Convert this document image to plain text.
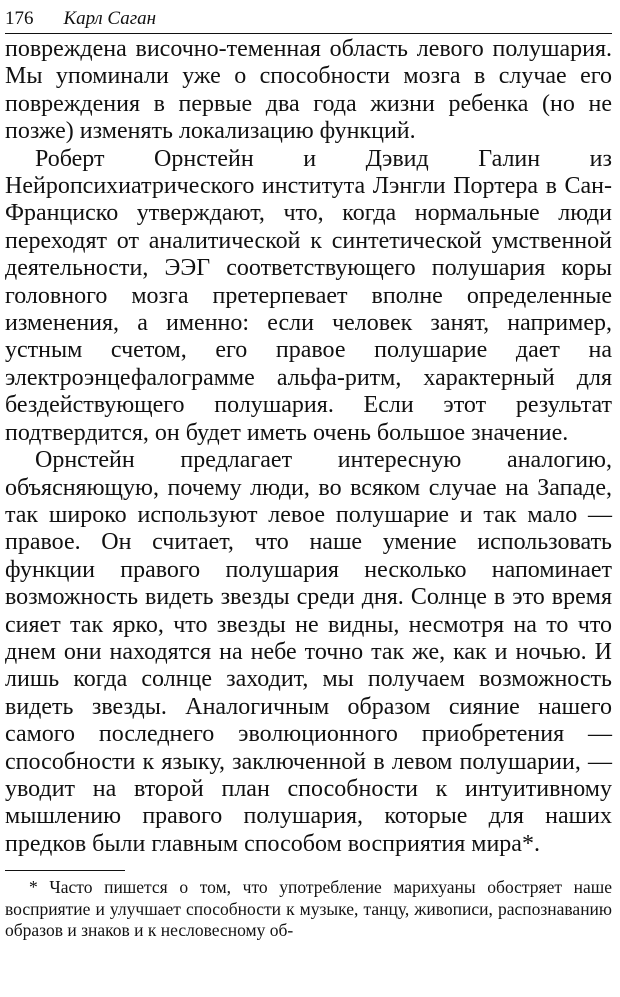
176 Карл Саган

повреждена височно-теменная область левого полушария. Мы упоминали уже о способности мозга в случае его повреждения в первые два года жизни ребенка (но не позже) изменять локализацию функций.

Роберт Орнстейн и Дэвид Галин из Нейропсихиатрического института Лэнгли Портера в Сан-Франциско утверждают, что, когда нормальные люди переходят от аналитической к синтетической умственной деятельности, ЭЭГ соответствующего полушария коры головного мозга претерпевает вполне определенные изменения, а именно: если человек занят, например, устным счетом, его правое полушарие дает на электроэнцефалограмме альфа-ритм, характерный для бездействующего полушария. Если этот результат подтвердится, он будет иметь очень большое значение.

Орнстейн предлагает интересную аналогию, объясняющую, почему люди, во всяком случае на Западе, так широко используют левое полушарие и так мало — правое. Он считает, что наше умение использовать функции правого полушария несколько напоминает возможность видеть звезды среди дня. Солнце в это время сияет так ярко, что звезды не видны, несмотря на то что днем они находятся на небе точно так же, как и ночью. И лишь когда солнце заходит, мы получаем возможность видеть звезды. Аналогичным образом сияние нашего самого последнего эволюционного приобретения — способности к языку, заключенной в левом полушарии, — уводит на второй план способности к интуитивному мышлению правого полушария, которые для наших предков были главным способом восприятия мира*.

* Часто пишется о том, что употребление марихуаны обостряет наше восприятие и улучшает способности к музыке, танцу, живописи, распознаванию образов и знаков и к несловесному об-
